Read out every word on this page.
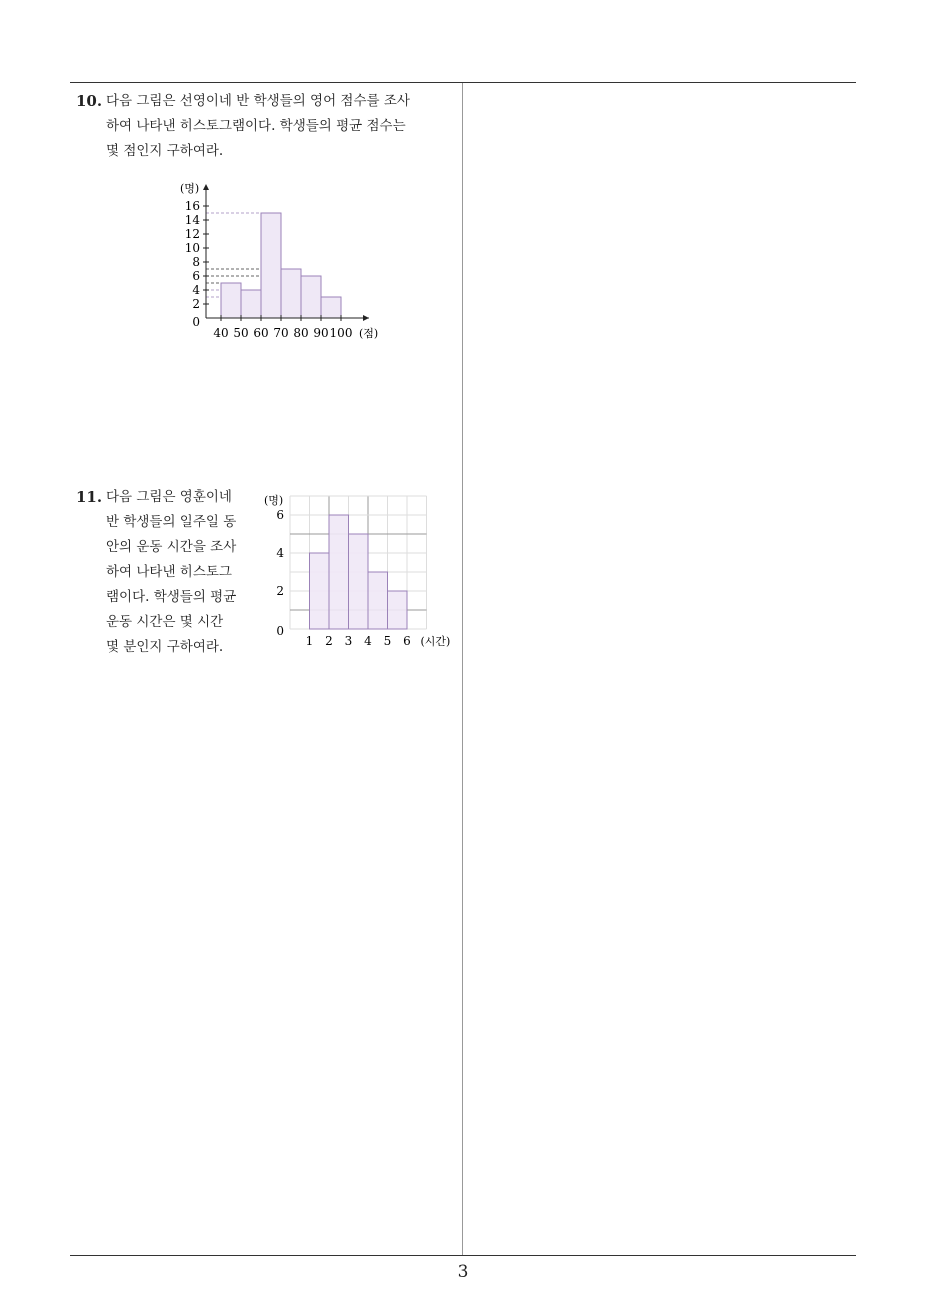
10. 다음 그림은 선영이네 반 학생들의 영어 점수를 조사
하여 나타낸 히스토그램이다. 학생들의 평균 점수는
몇 점인지 구하여라.
0
2
4
6
8
10
12
14
16
40 50 60 70 80 90 100
(명)
(점)
11. 다음 그림은 영훈이네
반 학생들의 일주일 동
안의 운동 시간을 조사
하여 나타낸 히스토그
램이다. 학생들의 평균
운동 시간은 몇 시간
몇 분인지 구하여라.
0
2
4
6
1 2 3 4 5 6
(명)
(시간)
3
